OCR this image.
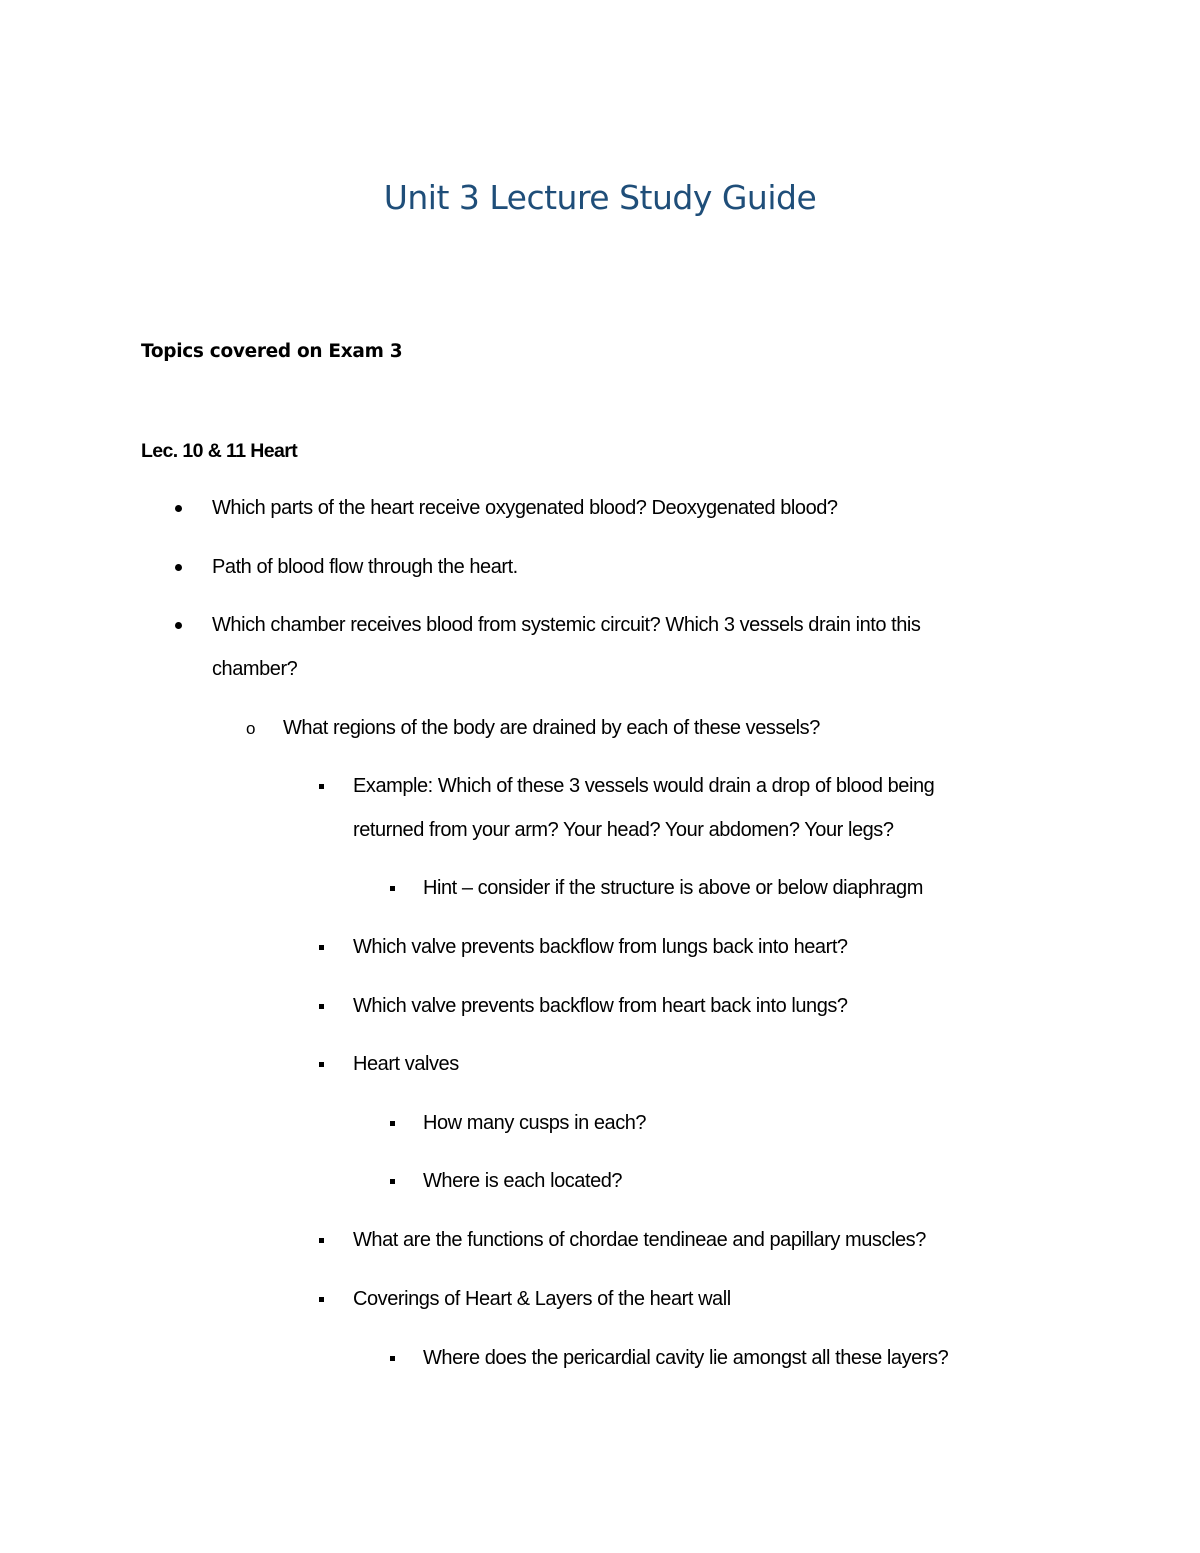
Unit 3 Lecture Study Guide
Topics covered on Exam 3
Lec. 10 & 11 Heart
Which parts of the heart receive oxygenated blood? Deoxygenated blood?
Path of blood flow through the heart.
Which chamber receives blood from systemic circuit? Which 3 vessels drain into this
chamber?
o What regions of the body are drained by each of these vessels?
Example: Which of these 3 vessels would drain a drop of blood being
returned from your arm? Your head? Your abdomen? Your legs?
Hint – consider if the structure is above or below diaphragm
Which valve prevents backflow from lungs back into heart?
Which valve prevents backflow from heart back into lungs?
Heart valves
How many cusps in each?
Where is each located?
What are the functions of chordae tendineae and papillary muscles?
Coverings of Heart & Layers of the heart wall
Where does the pericardial cavity lie amongst all these layers?
